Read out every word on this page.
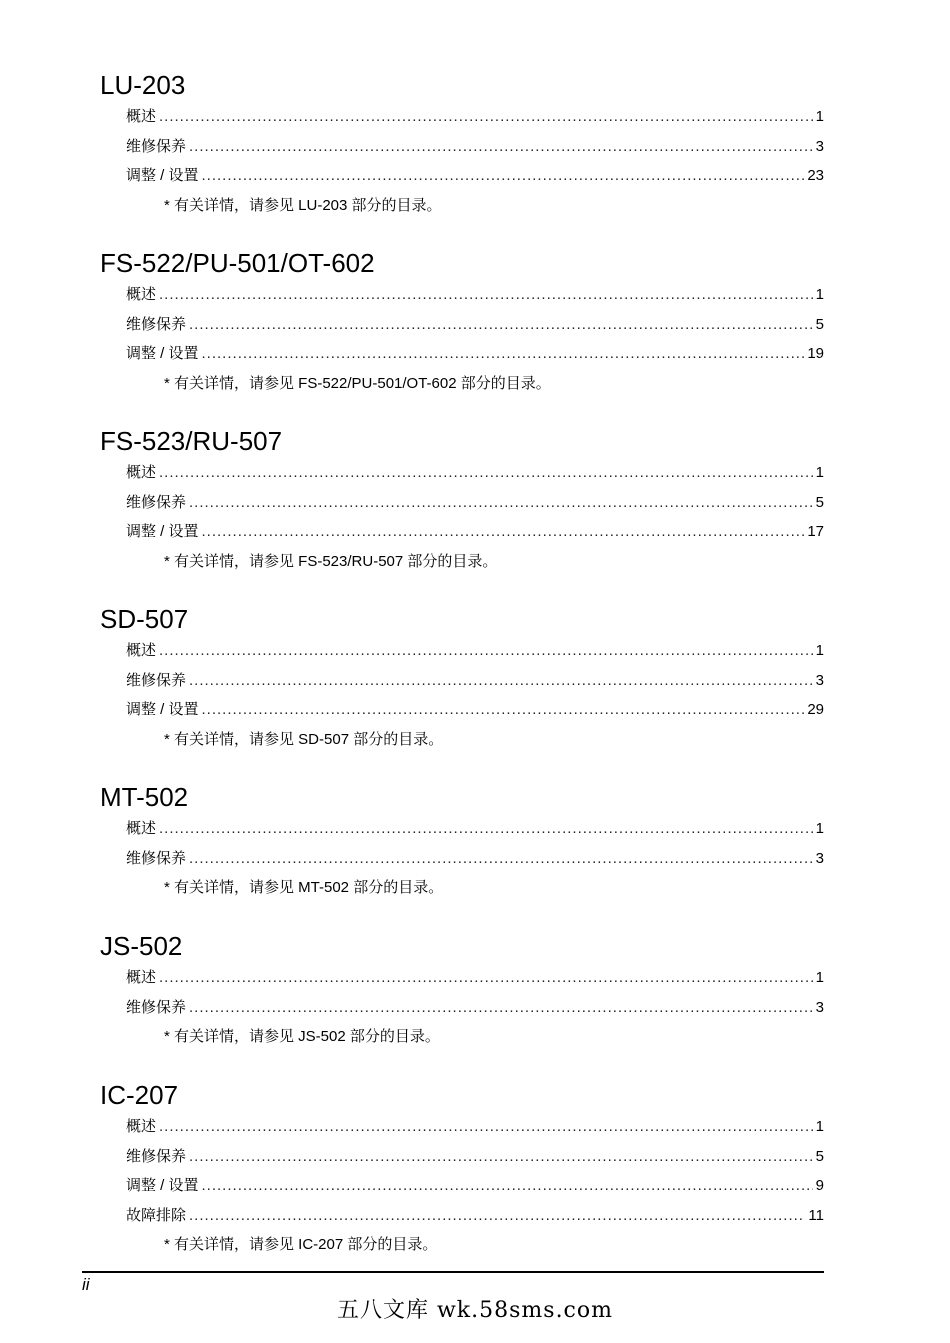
LU-203
概述 .....	1
维修保养 .....	3
调整 / 设置 .....	23
* 有关详情，请参见 LU-203 部分的目录。
FS-522/PU-501/OT-602
概述 .....	1
维修保养 .....	5
调整 / 设置 .....	19
* 有关详情，请参见 FS-522/PU-501/OT-602 部分的目录。
FS-523/RU-507
概述 .....	1
维修保养 .....	5
调整 / 设置 .....	17
* 有关详情，请参见 FS-523/RU-507 部分的目录。
SD-507
概述 .....	1
维修保养 .....	3
调整 / 设置 .....	29
* 有关详情，请参见 SD-507 部分的目录。
MT-502
概述 .....	1
维修保养 .....	3
* 有关详情，请参见 MT-502 部分的目录。
JS-502
概述 .....	1
维修保养 .....	3
* 有关详情，请参见 JS-502 部分的目录。
IC-207
概述 .....	1
维修保养 .....	5
调整 / 设置 .....	9
故障排除 .....	11
* 有关详情，请参见 IC-207 部分的目录。
ii
五八文库 wk.58sms.com
